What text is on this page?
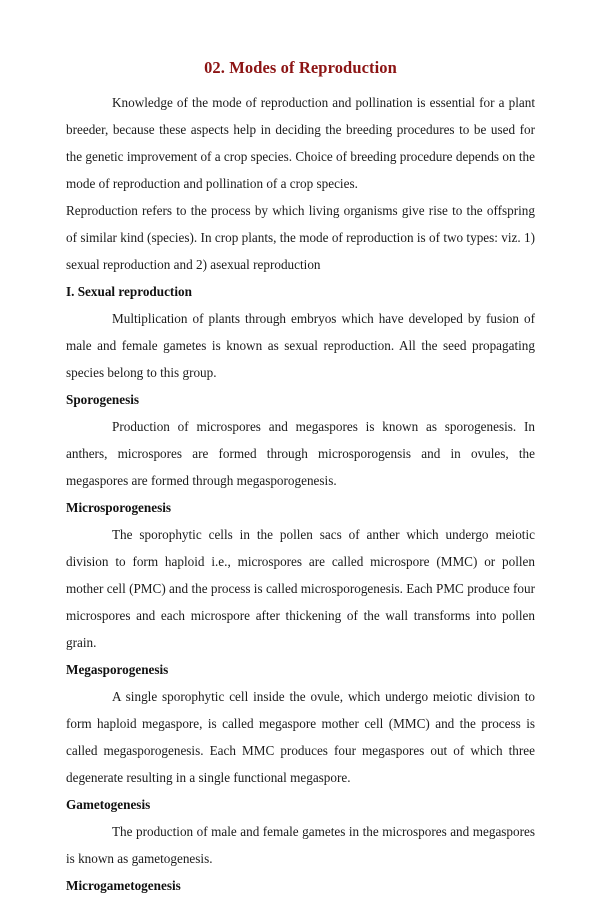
02. Modes of Reproduction

Knowledge of the mode of reproduction and pollination is essential for a plant breeder, because these aspects help in deciding the breeding procedures to be used for the genetic improvement of a crop species. Choice of breeding procedure depends on the mode of reproduction and pollination of a crop species.

Reproduction refers to the process by which living organisms give rise to the offspring of similar kind (species). In crop plants, the mode of reproduction is of two types: viz. 1) sexual reproduction and 2) asexual reproduction

I. Sexual reproduction

Multiplication of plants through embryos which have developed by fusion of male and female gametes is known as sexual reproduction. All the seed propagating species belong to this group.

Sporogenesis

Production of microspores and megaspores is known as sporogenesis. In anthers, microspores are formed through microsporogensis and in ovules, the megaspores are formed through megasporogenesis.

Microsporogenesis

The sporophytic cells in the pollen sacs of anther which undergo meiotic division to form haploid i.e., microspores are called microspore (MMC) or pollen mother cell (PMC) and the process is called microsporogenesis. Each PMC produce four microspores and each microspore after thickening of the wall transforms into pollen grain.

Megasporogenesis

A single sporophytic cell inside the ovule, which undergo meiotic division to form haploid megaspore, is called megaspore mother cell (MMC) and the process is called megasporogenesis. Each MMC produces four megaspores out of which three degenerate resulting in a single functional megaspore.

Gametogenesis

The production of male and female gametes in the microspores and megaspores is known as gametogenesis.

Microgametogenesis
